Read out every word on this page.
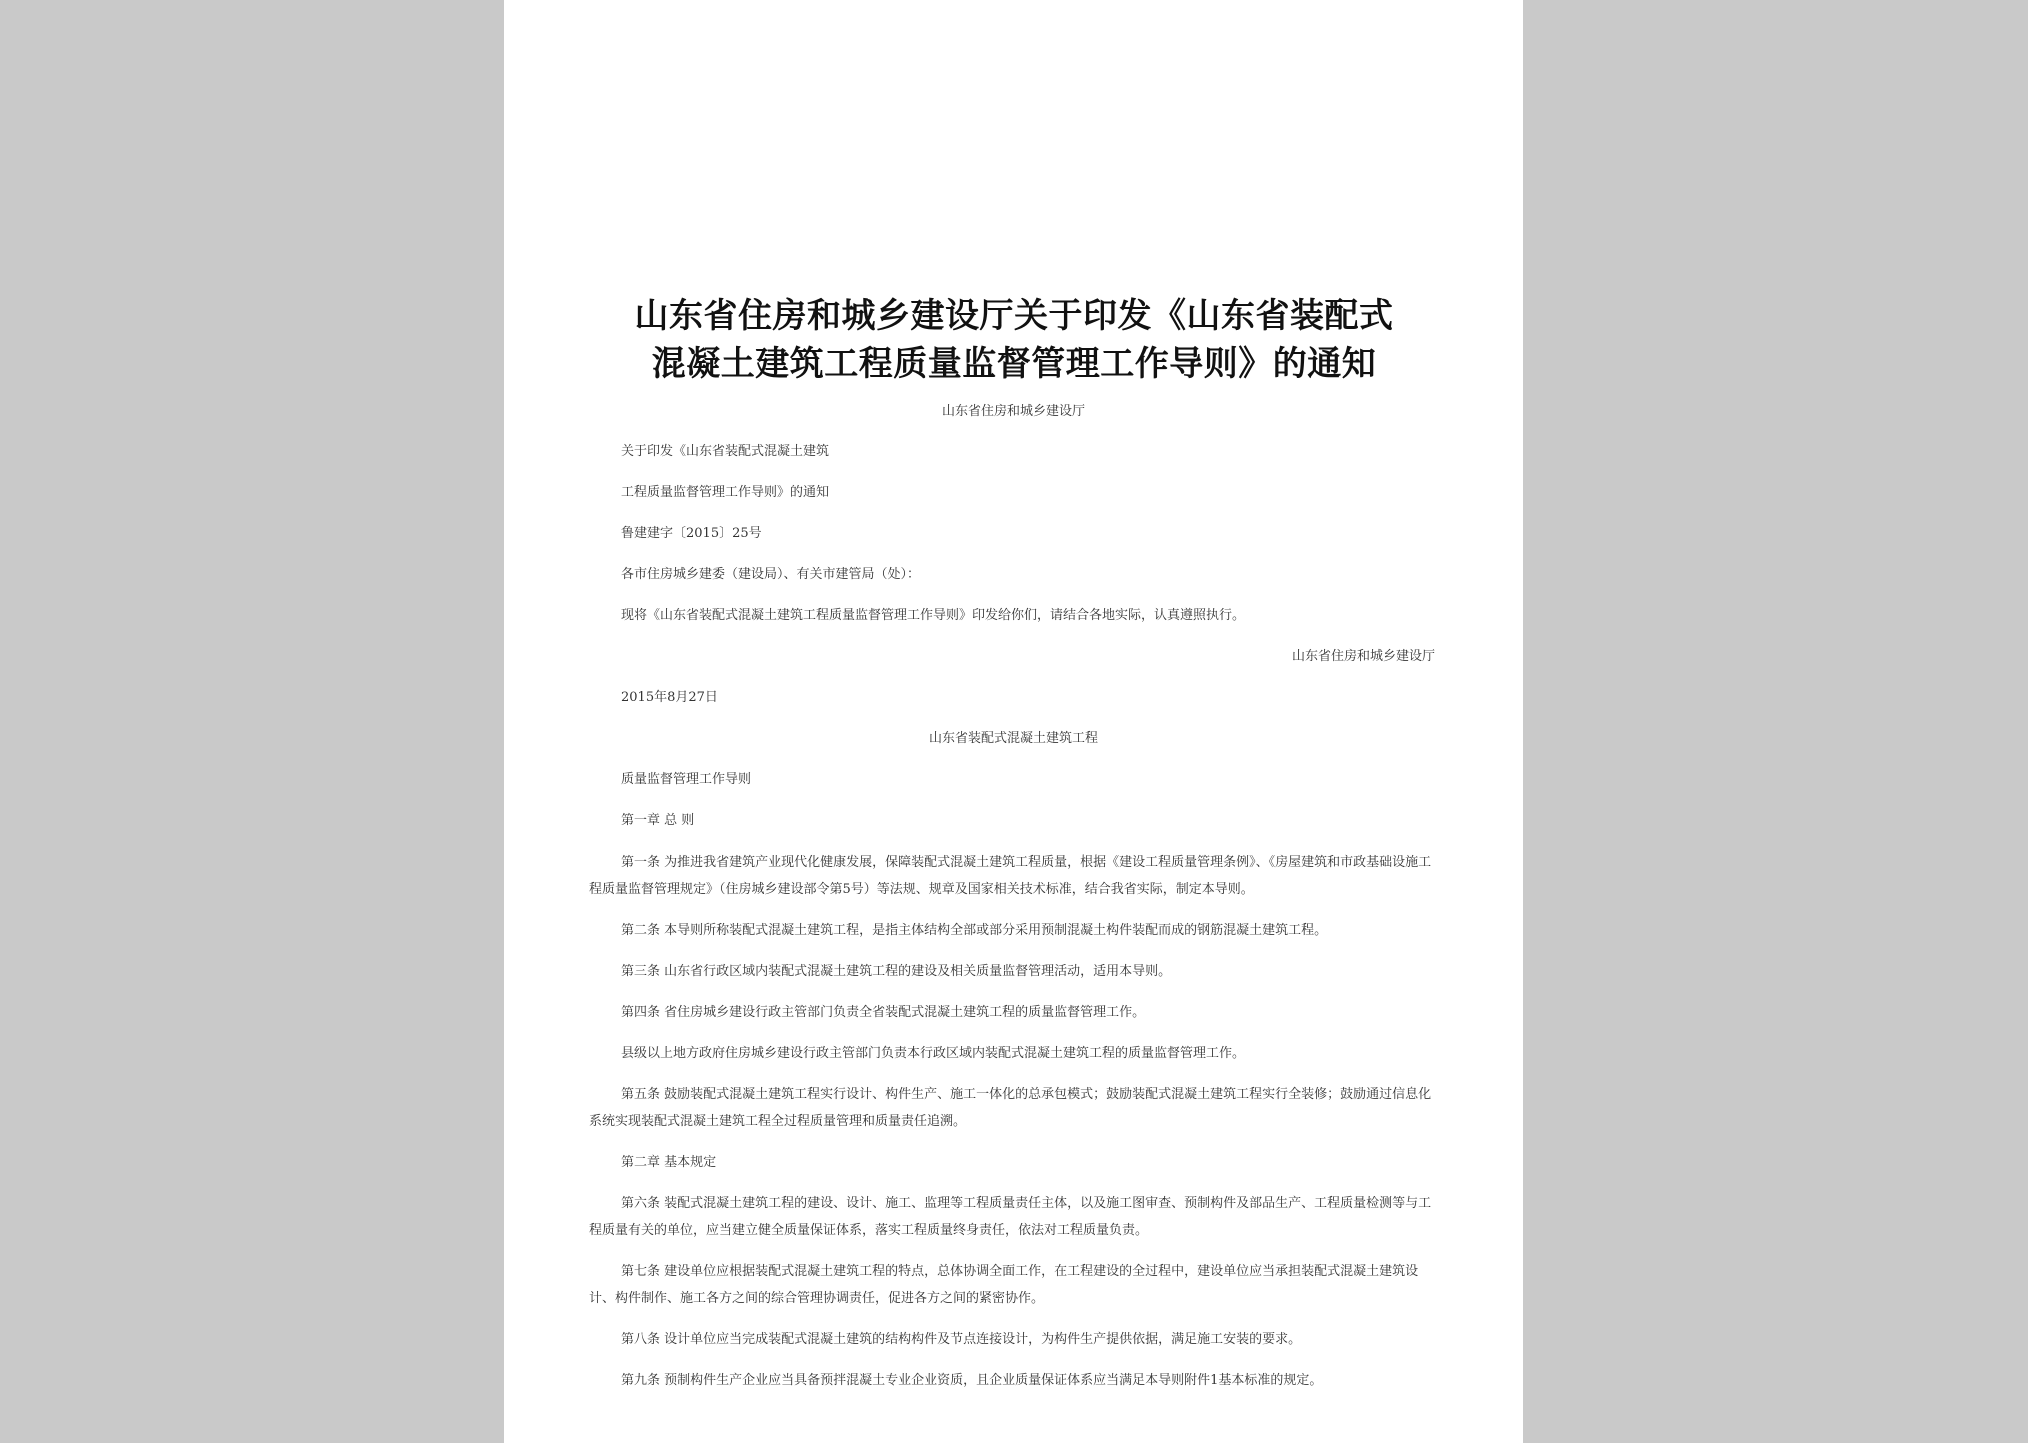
山东省住房和城乡建设厅关于印发《山东省装配式
混凝土建筑工程质量监督管理工作导则》的通知
山东省住房和城乡建设厅
关于印发《山东省装配式混凝土建筑
工程质量监督管理工作导则》的通知
鲁建建字〔2015〕25号
各市住房城乡建委（建设局）、有关市建管局（处）：
现将《山东省装配式混凝土建筑工程质量监督管理工作导则》印发给你们，请结合各地实际，认真遵照执行。
山东省住房和城乡建设厅
2015年8月27日
山东省装配式混凝土建筑工程
质量监督管理工作导则
第一章 总 则
第一条 为推进我省建筑产业现代化健康发展，保障装配式混凝土建筑工程质量，根据《建设工程质量管理条例》、《房屋建筑和市政基础设施工程质量监督管理规定》（住房城乡建设部令第5号）等法规、规章及国家相关技术标准，结合我省实际，制定本导则。
第二条 本导则所称装配式混凝土建筑工程，是指主体结构全部或部分采用预制混凝土构件装配而成的钢筋混凝土建筑工程。
第三条 山东省行政区域内装配式混凝土建筑工程的建设及相关质量监督管理活动，适用本导则。
第四条 省住房城乡建设行政主管部门负责全省装配式混凝土建筑工程的质量监督管理工作。
县级以上地方政府住房城乡建设行政主管部门负责本行政区域内装配式混凝土建筑工程的质量监督管理工作。
第五条 鼓励装配式混凝土建筑工程实行设计、构件生产、施工一体化的总承包模式；鼓励装配式混凝土建筑工程实行全装修；鼓励通过信息化系统实现装配式混凝土建筑工程全过程质量管理和质量责任追溯。
第二章 基本规定
第六条 装配式混凝土建筑工程的建设、设计、施工、监理等工程质量责任主体，以及施工图审查、预制构件及部品生产、工程质量检测等与工程质量有关的单位，应当建立健全质量保证体系，落实工程质量终身责任，依法对工程质量负责。
第七条 建设单位应根据装配式混凝土建筑工程的特点，总体协调全面工作，在工程建设的全过程中，建设单位应当承担装配式混凝土建筑设计、构件制作、施工各方之间的综合管理协调责任，促进各方之间的紧密协作。
第八条 设计单位应当完成装配式混凝土建筑的结构构件及节点连接设计，为构件生产提供依据，满足施工安装的要求。
第九条 预制构件生产企业应当具备预拌混凝土专业企业资质，且企业质量保证体系应当满足本导则附件1基本标准的规定。
